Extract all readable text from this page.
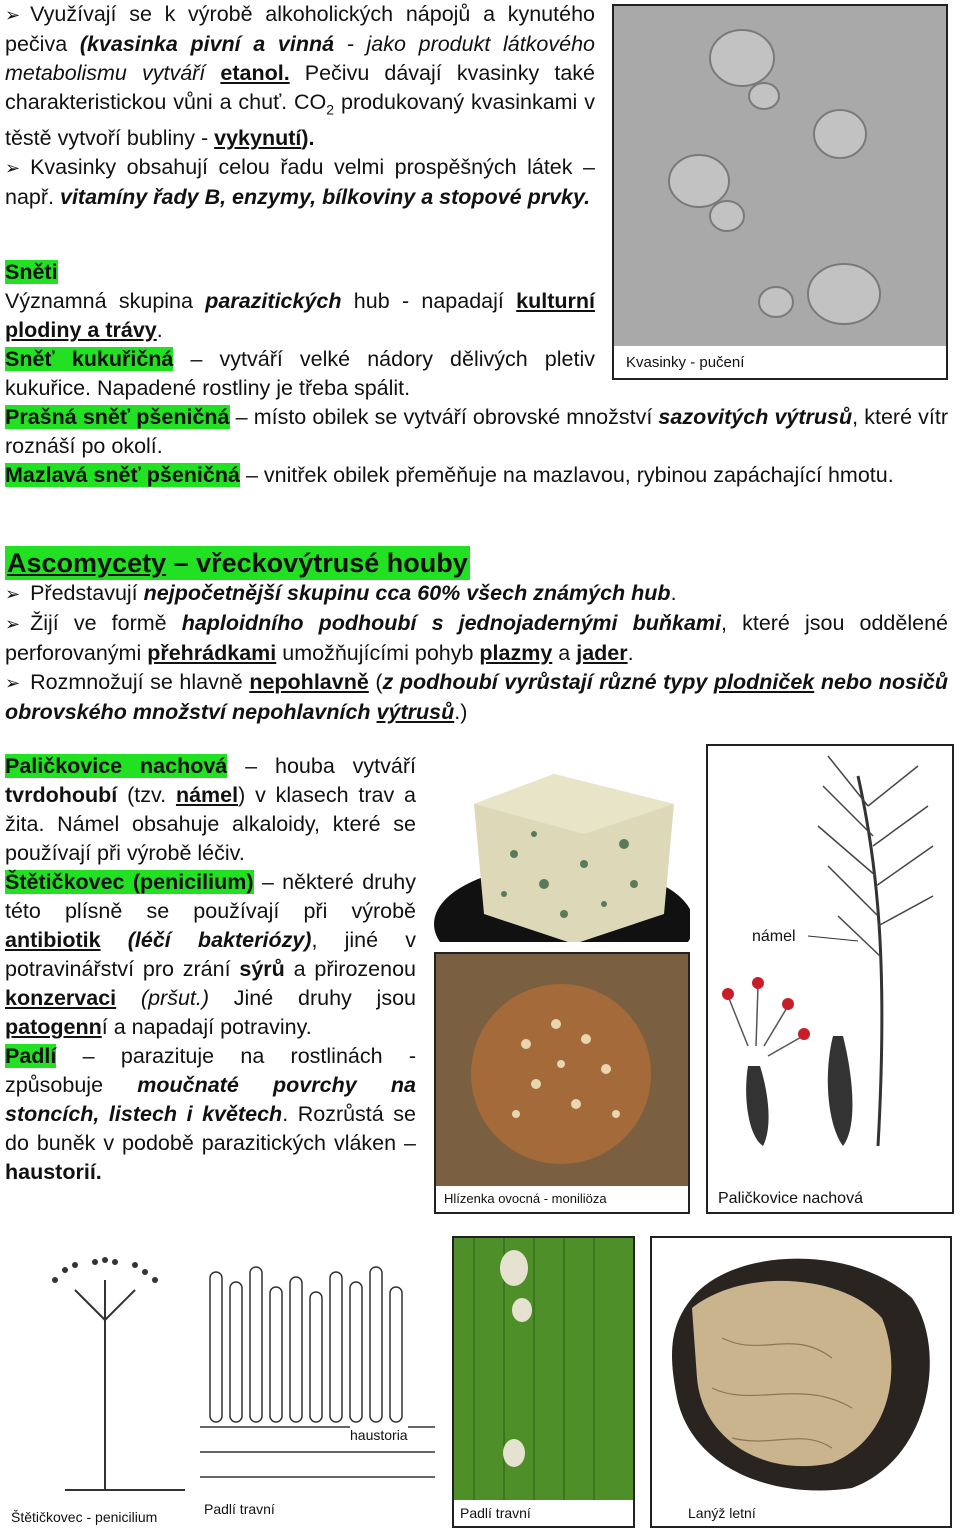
➢ Využívají se k výrobě alkoholických nápojů a kynutého pečiva (kvasinka pivní a vinná - jako produkt látkového metabolismu vytváří etanol. Pečivu dávají kvasinky také charakteristickou vůni a chuť. $CO_2$ produkovaný kvasinkami v těstě vytvoří bubliny - vykynutí).
➢ Kvasinky obsahují celou řadu velmi prospěšných látek – např. vitamíny řady B, enzymy, bílkoviny a stopové prvky.
Sněti
Významná skupina parazitických hub - napadají kulturní plodiny a trávy.
Sněť kukuřičná – vytváří velké nádory dělivých pletiv kukuřice. Napadené rostliny je třeba spálit.
Prašná sněť pšeničná – místo obilek se vytváří obrovské množství sazovitých výtrusů, které vítr roznáší po okolí.
Mazlavá sněť pšeničná – vnitřek obilek přeměňuje na mazlavou, rybinou zapáchající hmotu.
Kvasinky - pučení
Ascomycety – vřeckovýtrusé houby
➢ Představují nejpočetnější skupinu cca 60% všech známých hub.
➢ Žijí ve formě haploidního podhoubí s jednojadernými buňkami, které jsou oddělené perforovanými přehrádkami umožňujícími pohyb plazmy a jader.
➢ Rozmnožují se hlavně nepohlavně (z podhoubí vyrůstají různé typy plodniček nebo nosičů obrovského množství nepohlavních výtrusů.)
Paličkovice nachová – houba vytváří tvrdohoubí (tzv. námel) v klasech trav a žita. Námel obsahuje alkaloidy, které se používají při výrobě léčiv.
Štětičkovec (penicilium) – některé druhy této plísně se používají při výrobě antibiotik (léčí bakteriózy), jiné v potravinářství pro zrání sýrů a přirozenou konzervaci (pršut.) Jiné druhy jsou patogenní a napadají potraviny.
Padlí – parazituje na rostlinách - způsobuje moučnaté povrchy na stoncích, listech i květech. Rozrůstá se do buněk v podobě parazitických vláken – haustorií.
Hlízenka ovocná - moniliöza
námel
Paličkovice nachová
Štětičkovec - penicilium
haustoria
Padlí travní	Padlí travní	Lanýž letní
